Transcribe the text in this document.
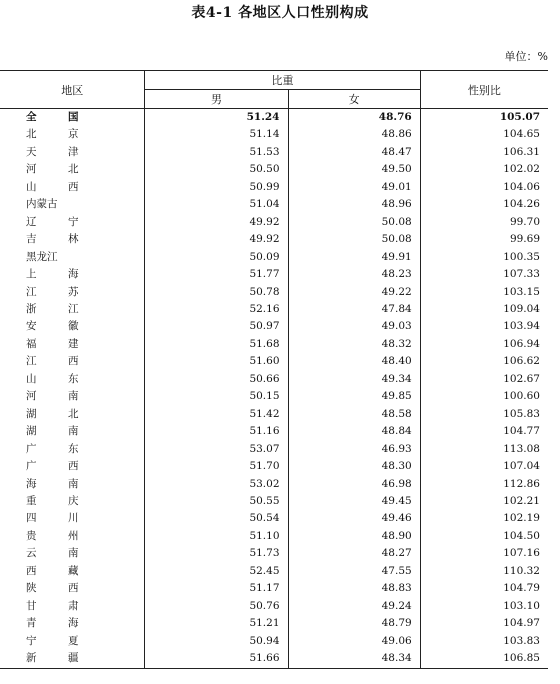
表4-1 各地区人口性别构成
单位：%
地区	比重		性别比
	男	女	
全 国	51.24	48.76	105.07
北 京	51.14	48.86	104.65
天 津	51.53	48.47	106.31
河 北	50.50	49.50	102.02
山 西	50.99	49.01	104.06
内蒙古	51.04	48.96	104.26
辽 宁	49.92	50.08	99.70
吉 林	49.92	50.08	99.69
黑龙江	50.09	49.91	100.35
上 海	51.77	48.23	107.33
江 苏	50.78	49.22	103.15
浙 江	52.16	47.84	109.04
安 徽	50.97	49.03	103.94
福 建	51.68	48.32	106.94
江 西	51.60	48.40	106.62
山 东	50.66	49.34	102.67
河 南	50.15	49.85	100.60
湖 北	51.42	48.58	105.83
湖 南	51.16	48.84	104.77
广 东	53.07	46.93	113.08
广 西	51.70	48.30	107.04
海 南	53.02	46.98	112.86
重 庆	50.55	49.45	102.21
四 川	50.54	49.46	102.19
贵 州	51.10	48.90	104.50
云 南	51.73	48.27	107.16
西 藏	52.45	47.55	110.32
陕 西	51.17	48.83	104.79
甘 肃	50.76	49.24	103.10
青 海	51.21	48.79	104.97
宁 夏	50.94	49.06	103.83
新 疆	51.66	48.34	106.85
